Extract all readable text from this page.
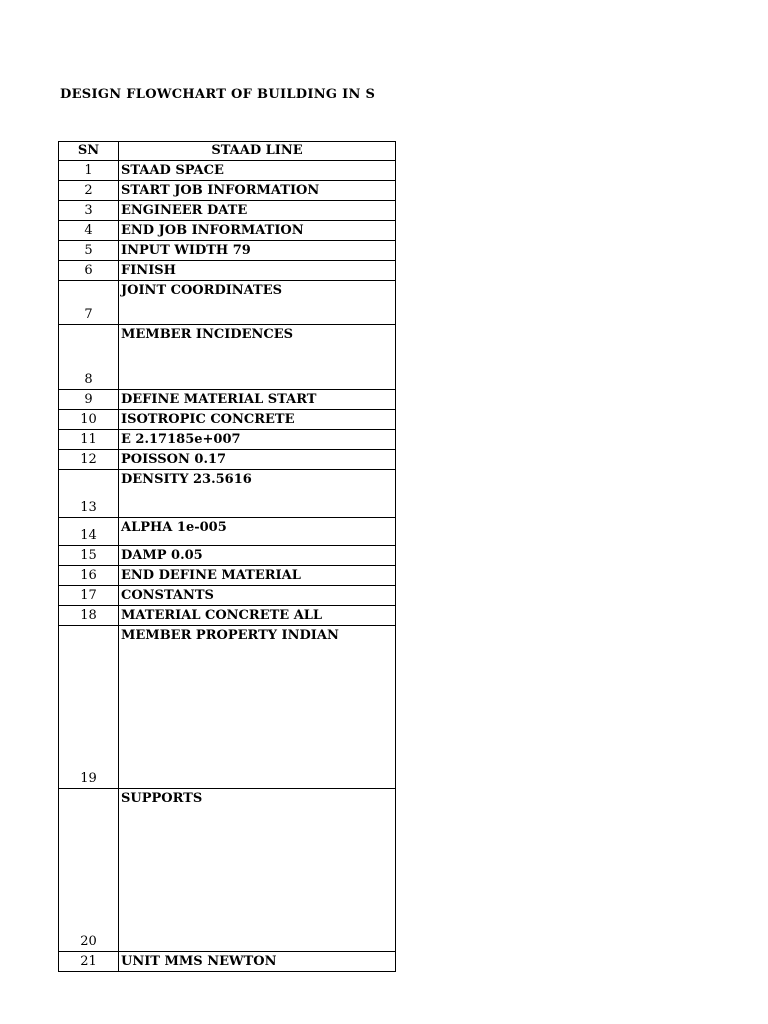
DESIGN FLOWCHART OF BUILDING IN S
SN	STAAD LINE
1	STAAD SPACE
2	START JOB INFORMATION
3	ENGINEER DATE
4	END JOB INFORMATION
5	INPUT WIDTH 79
6	FINISH
7	JOINT COORDINATES
8	MEMBER INCIDENCES
9	DEFINE MATERIAL START
10	ISOTROPIC CONCRETE
11	E 2.17185e+007
12	POISSON 0.17
13	DENSITY 23.5616
14	ALPHA 1e-005
15	DAMP 0.05
16	END DEFINE MATERIAL
17	CONSTANTS
18	MATERIAL CONCRETE ALL
19	MEMBER PROPERTY INDIAN
20	SUPPORTS
21	UNIT MMS NEWTON
